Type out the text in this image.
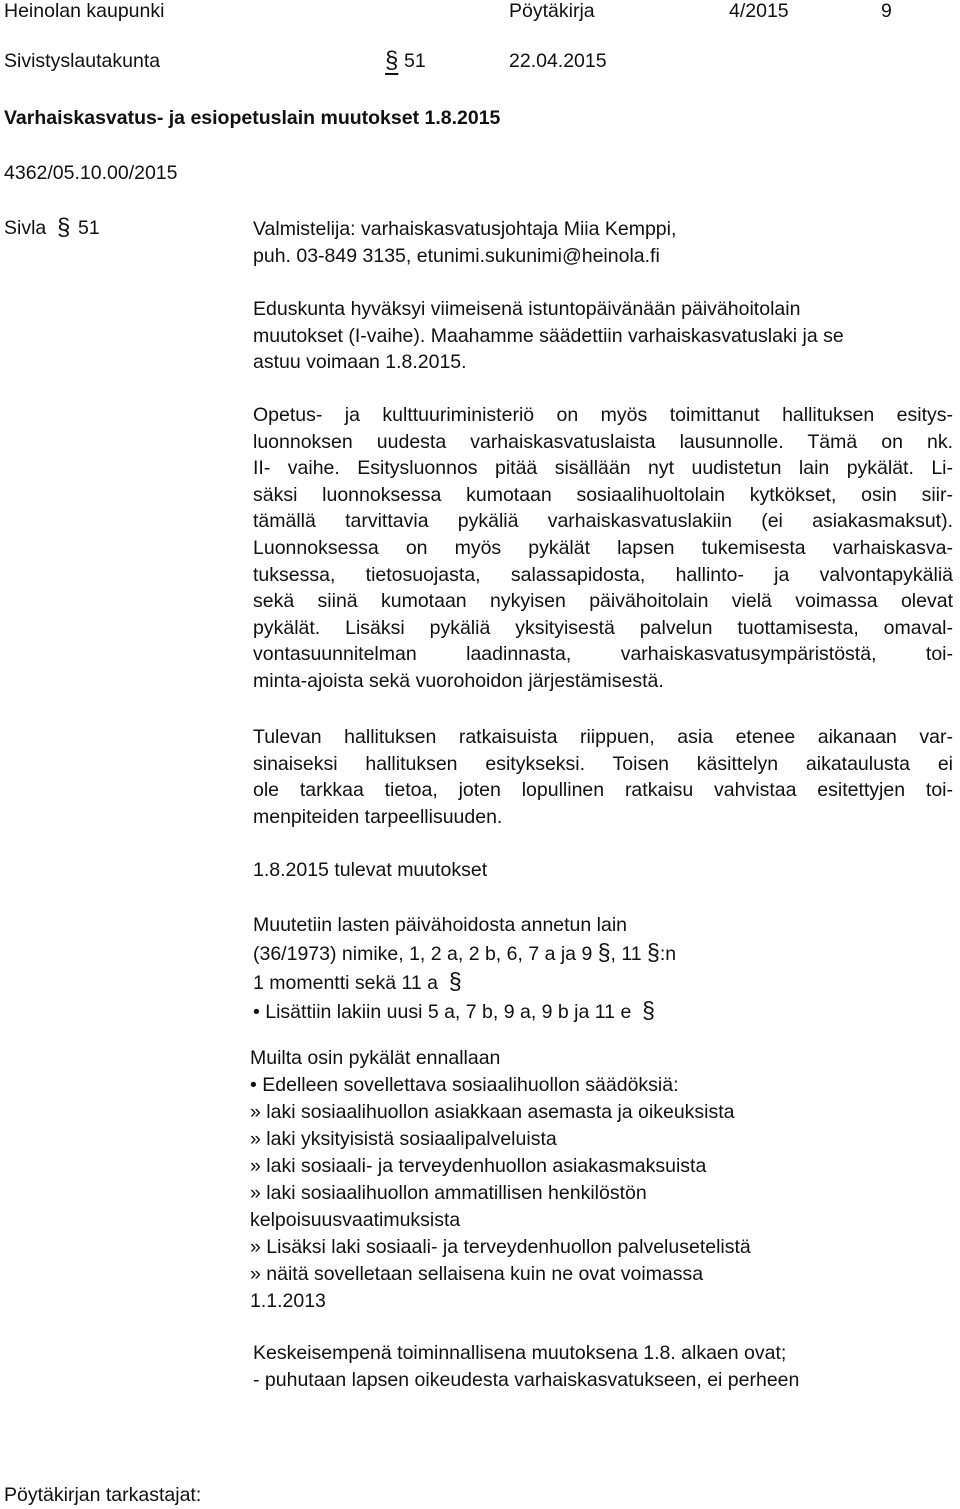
Heinolan kaupunki	Pöytäkirja	4/2015	9
Sivistyslautakunta	§ 51	22.04.2015
Varhaiskasvatus- ja esiopetuslain muutokset 1.8.2015
4362/05.10.00/2015
Sivla § 51	Valmistelija: varhaiskasvatusjohtaja Miia Kemppi,
puh. 03-849 3135, etunimi.sukunimi@heinola.fi
Eduskunta hyväksyi viimeisenä istuntopäivänään päivähoitolain
muutokset (I-vaihe). Maahamme säädettiin varhaiskasvatuslaki ja se
astuu voimaan 1.8.2015.
Opetus- ja kulttuuriministeriö on myös toimittanut hallituksen esitys-
luonnoksen uudesta varhaiskasvatuslaista lausunnolle. Tämä on nk.
II- vaihe. Esitysluonnos pitää sisällään nyt uudistetun lain pykälät. Li-
säksi luonnoksessa kumotaan sosiaalihuoltolain kytkökset, osin siir-
tämällä tarvittavia pykäliä varhaiskasvatuslakiin (ei asiakasmaksut).
Luonnoksessa on myös pykälät lapsen tukemisesta varhaiskasva-
tuksessa, tietosuojasta, salassapidosta, hallinto- ja valvontapykäliä
sekä siinä kumotaan nykyisen päivähoitolain vielä voimassa olevat
pykälät. Lisäksi pykäliä yksityisestä palvelun tuottamisesta, omaval-
vontasuunnitelman laadinnasta, varhaiskasvatusympäristöstä, toi-
minta-ajoista sekä vuorohoidon järjestämisestä.
Tulevan hallituksen ratkaisuista riippuen, asia etenee aikanaan var-
sinaiseksi hallituksen esitykseksi. Toisen käsittelyn aikataulusta ei
ole tarkkaa tietoa, joten lopullinen ratkaisu vahvistaa esitettyjen toi-
menpiteiden tarpeellisuuden.
1.8.2015 tulevat muutokset
Muutetiin lasten päivähoidosta annetun lain
(36/1973) nimike, 1, 2 a, 2 b, 6, 7 a ja 9 §, 11 §:n
1 momentti sekä 11 a §
• Lisättiin lakiin uusi 5 a, 7 b, 9 a, 9 b ja 11 e §
Muilta osin pykälät ennallaan
• Edelleen sovellettava sosiaalihuollon säädöksiä:
» laki sosiaalihuollon asiakkaan asemasta ja oikeuksista
» laki yksityisistä sosiaalipalveluista
» laki sosiaali- ja terveydenhuollon asiakasmaksuista
» laki sosiaalihuollon ammatillisen henkilöstön
kelpoisuusvaatimuksista
» Lisäksi laki sosiaali- ja terveydenhuollon palvelusetelistä
» näitä sovelletaan sellaisena kuin ne ovat voimassa
1.1.2013
Keskeisempenä toiminnallisena muutoksena 1.8. alkaen ovat;
- puhutaan lapsen oikeudesta varhaiskasvatukseen, ei perheen
Pöytäkirjan tarkastajat:
